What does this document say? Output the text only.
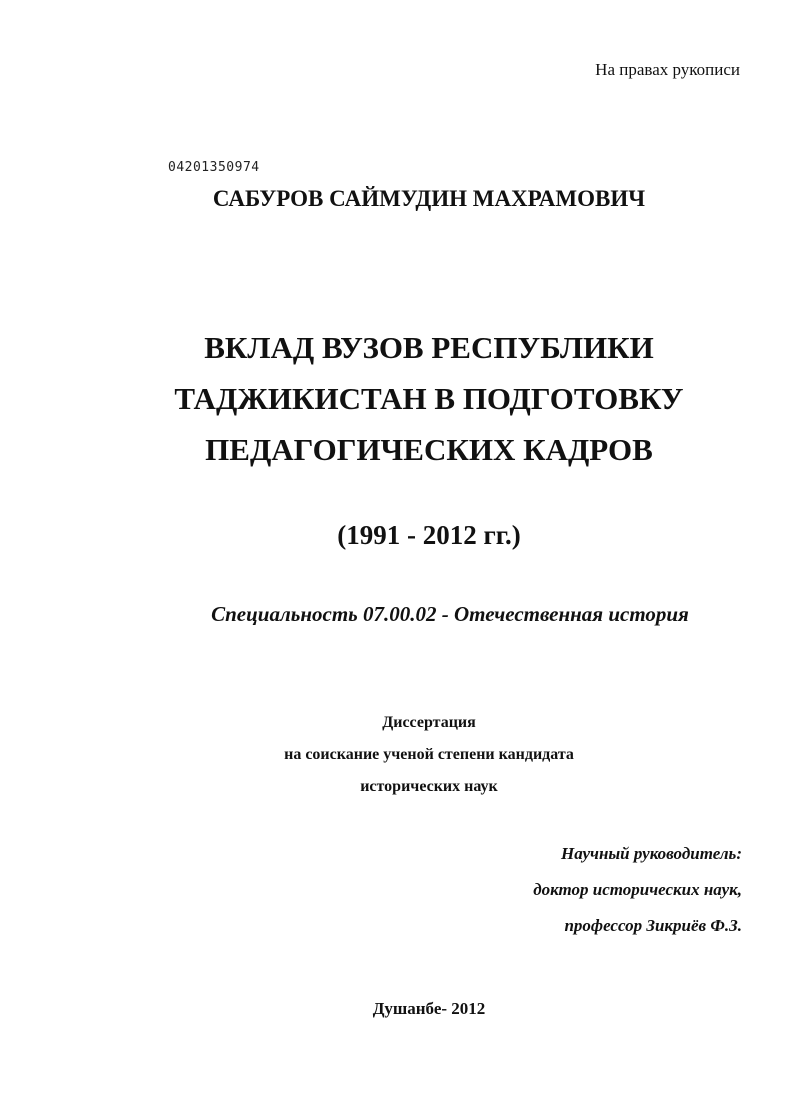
На правах рукописи
04201350974
САБУРОВ САЙМУДИН МАХРАМОВИЧ
ВКЛАД ВУЗОВ РЕСПУБЛИКИ
ТАДЖИКИСТАН В ПОДГОТОВКУ
ПЕДАГОГИЧЕСКИХ КАДРОВ
(1991 - 2012 гг.)
Специальность 07.00.02 - Отечественная история
Диссертация
на соискание ученой степени кандидата
исторических наук
Научный руководитель:
доктор исторических наук,
профессор Зикриёв Ф.З.
Душанбе- 2012
